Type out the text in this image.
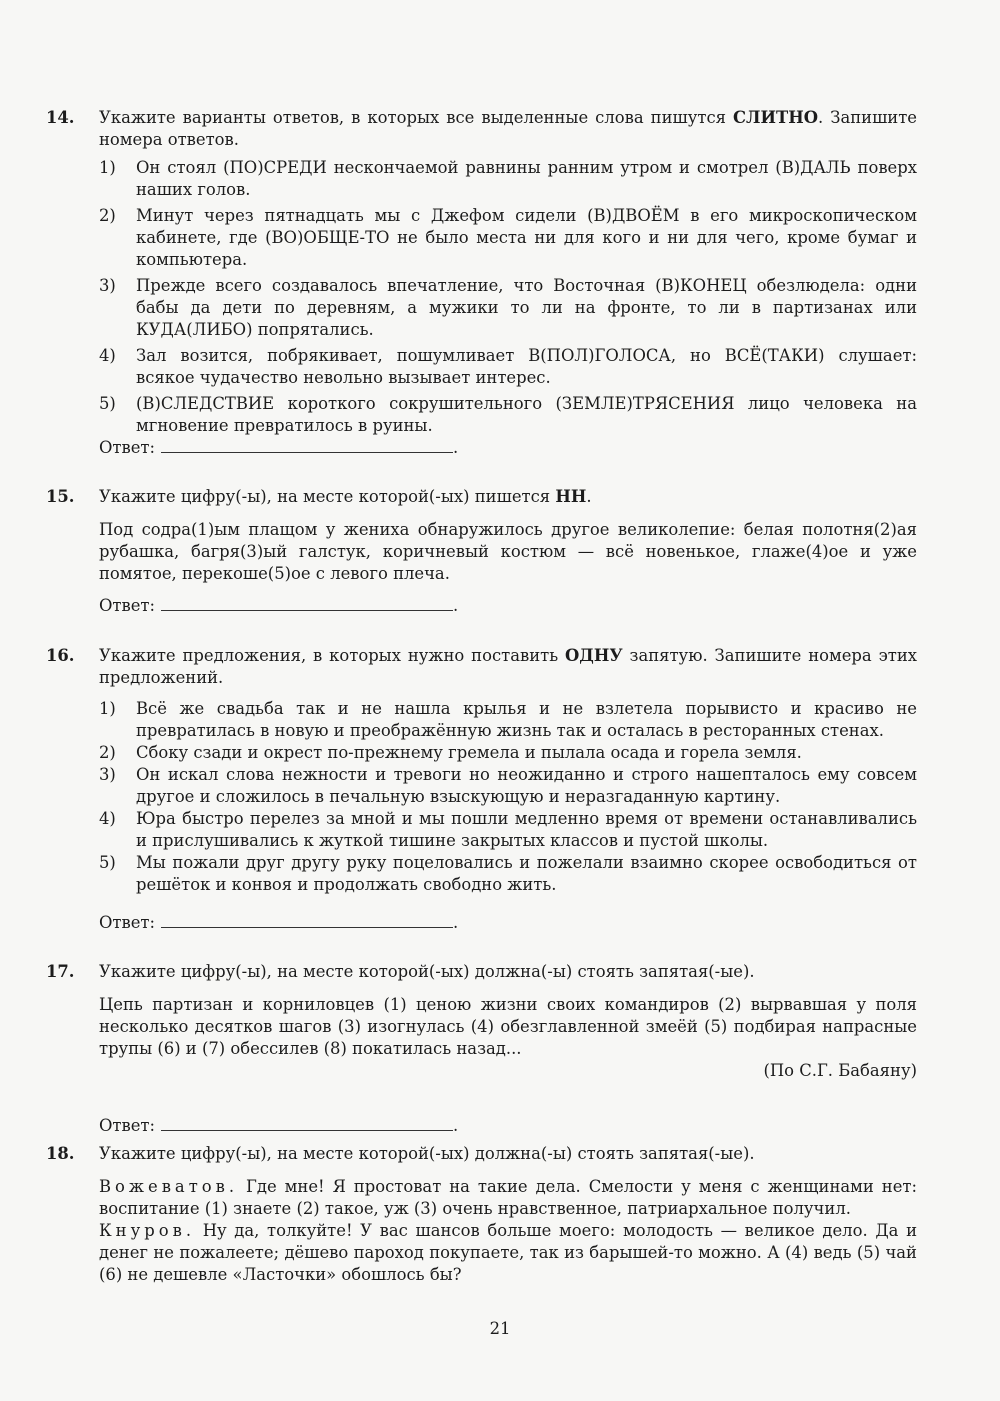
14. Укажите варианты ответов, в которых все выделенные слова пишутся СЛИТНО. Запишите номера ответов.
1) Он стоял (ПО)СРЕДИ нескончаемой равнины ранним утром и смотрел (В)ДАЛЬ поверх наших голов.
2) Минут через пятнадцать мы с Джефом сидели (В)ДВОЁМ в его микроскопическом кабинете, где (ВО)ОБЩЕ-ТО не было места ни для кого и ни для чего, кроме бумаг и компьютера.
3) Прежде всего создавалось впечатление, что Восточная (В)КОНЕЦ обезлюдела: одни бабы да дети по деревням, а мужики то ли на фронте, то ли в партизанах или КУДА(ЛИБО) попрятались.
4) Зал возится, побрякивает, пошумливает В(ПОЛ)ГОЛОСА, но ВСЁ(ТАКИ) слушает: всякое чудачество невольно вызывает интерес.
5) (В)СЛЕДСТВИЕ короткого сокрушительного (ЗЕМЛЕ)ТРЯСЕНИЯ лицо человека на мгновение превратилось в руины.
Ответ:	.
15. Укажите цифру(-ы), на месте которой(-ых) пишется НН.
Под содра(1)ым плащом у жениха обнаружилось другое великолепие: белая полотня(2)ая рубашка, багря(3)ый галстук, коричневый костюм — всё новенькое, глаже(4)ое и уже помятое, перекоше(5)ое с левого плеча.
Ответ:	.
16. Укажите предложения, в которых нужно поставить ОДНУ запятую. Запишите номера этих предложений.
1) Всё же свадьба так и не нашла крылья и не взлетела порывисто и красиво не превратилась в новую и преображённую жизнь так и осталась в ресторанных стенах.
2) Сбоку сзади и окрест по-прежнему гремела и пылала осада и горела земля.
3) Он искал слова нежности и тревоги но неожиданно и строго нашепталось ему совсем другое и сложилось в печальную взыскующую и неразгаданную картину.
4) Юра быстро перелез за мной и мы пошли медленно время от времени останавливались и прислушивались к жуткой тишине закрытых классов и пустой школы.
5) Мы пожали друг другу руку поцеловались и пожелали взаимно скорее освободиться от решёток и конвоя и продолжать свободно жить.
Ответ:	.
17. Укажите цифру(-ы), на месте которой(-ых) должна(-ы) стоять запятая(-ые).
Цепь партизан и корниловцев (1) ценою жизни своих командиров (2) вырвавшая у поля несколько десятков шагов (3) изогнулась (4) обезглавленной змеёй (5) подбирая напрасные трупы (6) и (7) обессилев (8) покатилась назад...
(По С.Г. Бабаяну)
Ответ:	.
18. Укажите цифру(-ы), на месте которой(-ых) должна(-ы) стоять запятая(-ые).
Вожеватов. Где мне! Я простоват на такие дела. Смелости у меня с женщинами нет: воспитание (1) знаете (2) такое, уж (3) очень нравственное, патриархальное получил.
Кнуров. Ну да, толкуйте! У вас шансов больше моего: молодость — великое дело. Да и денег не пожалеете; дёшево пароход покупаете, так из барышей-то можно. А (4) ведь (5) чай (6) не дешевле «Ласточки» обошлось бы?
21
